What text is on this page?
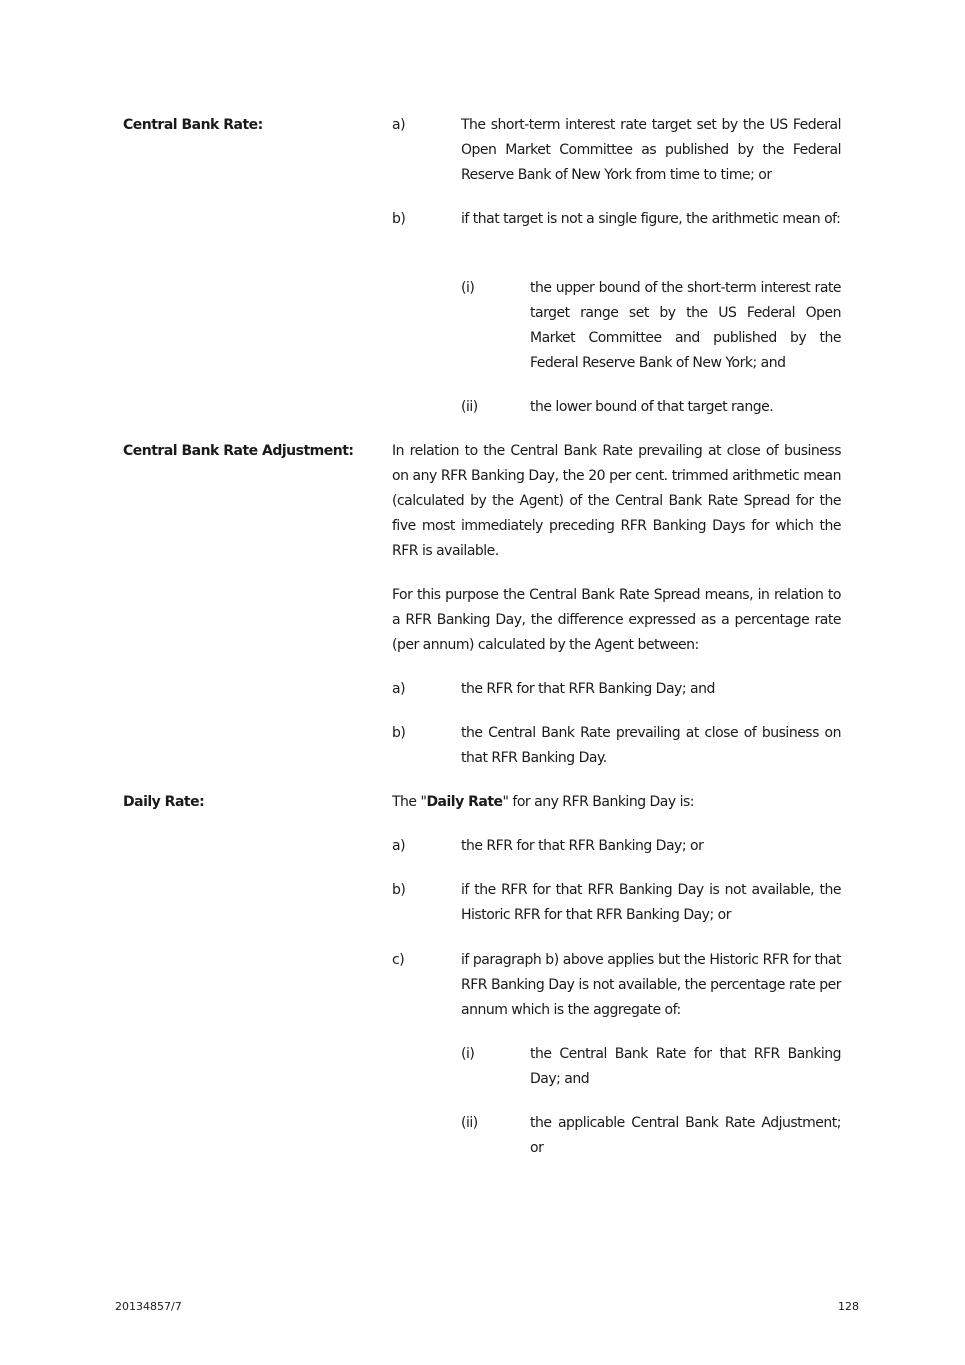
Central Bank Rate:	a)	The short-term interest rate target set by the US Federal Open Market Committee as published by the Federal Reserve Bank of New York from time to time; or

b)	if that target is not a single figure, the arithmetic mean of:

(i)	the upper bound of the short-term interest rate target range set by the US Federal Open Market Committee and published by the Federal Reserve Bank of New York; and

(ii)	the lower bound of that target range.

Central Bank Rate Adjustment:	In relation to the Central Bank Rate prevailing at close of business on any RFR Banking Day, the 20 per cent. trimmed arithmetic mean (calculated by the Agent) of the Central Bank Rate Spread for the five most immediately preceding RFR Banking Days for which the RFR is available.

For this purpose the Central Bank Rate Spread means, in relation to a RFR Banking Day, the difference expressed as a percentage rate (per annum) calculated by the Agent between:

a)	the RFR for that RFR Banking Day; and

b)	the Central Bank Rate prevailing at close of business on that RFR Banking Day.

Daily Rate:	The "Daily Rate" for any RFR Banking Day is:

a)	the RFR for that RFR Banking Day; or

b)	if the RFR for that RFR Banking Day is not available, the Historic RFR for that RFR Banking Day; or

c)	if paragraph b) above applies but the Historic RFR for that RFR Banking Day is not available, the percentage rate per annum which is the aggregate of:

(i)	the Central Bank Rate for that RFR Banking Day; and

(ii)	the applicable Central Bank Rate Adjustment; or

20134857/7	128
